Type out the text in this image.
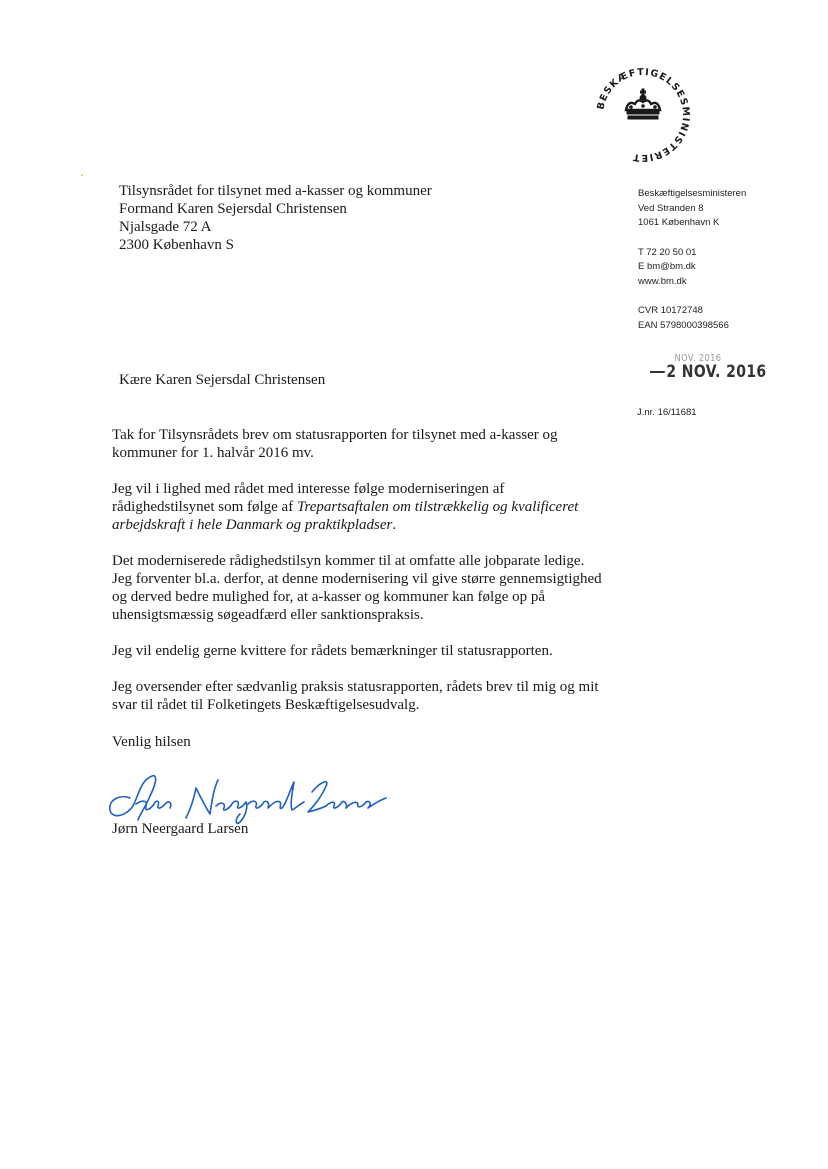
BESKÆFTIGELSESMINISTERIET
Tilsynsrådet for tilsynet med a-kasser og kommuner
Formand Karen Sejersdal Christensen
Njalsgade 72 A
2300 København S
Beskæftigelsesministeren
Ved Stranden 8
1061 København K
T 72 20 50 01
E bm@bm.dk
www.bm.dk
CVR 10172748
EAN 5798000398566
NOV. 2016
2 NOV. 2016
J.nr. 16/11681
Kære Karen Sejersdal Christensen

Tak for Tilsynsrådets brev om statusrapporten for tilsynet med a-kasser og kommuner for 1. halvår 2016 mv.

Jeg vil i lighed med rådet med interesse følge moderniseringen af rådighedstilsynet som følge af Trepartsaftalen om tilstrækkelig og kvalificeret arbejdskraft i hele Danmark og praktikpladser.

Det moderniserede rådighedstilsyn kommer til at omfatte alle jobparate ledige. Jeg forventer bl.a. derfor, at denne modernisering vil give større gennemsigtighed og derved bedre mulighed for, at a-kasser og kommuner kan følge op på uhensigtsmæssig søgeadfærd eller sanktionspraksis.

Jeg vil endelig gerne kvittere for rådets bemærkninger til statusrapporten.

Jeg oversender efter sædvanlig praksis statusrapporten, rådets brev til mig og mit svar til rådet til Folketingets Beskæftigelsesudvalg.

Venlig hilsen
Jørn Neergaard Larsen
